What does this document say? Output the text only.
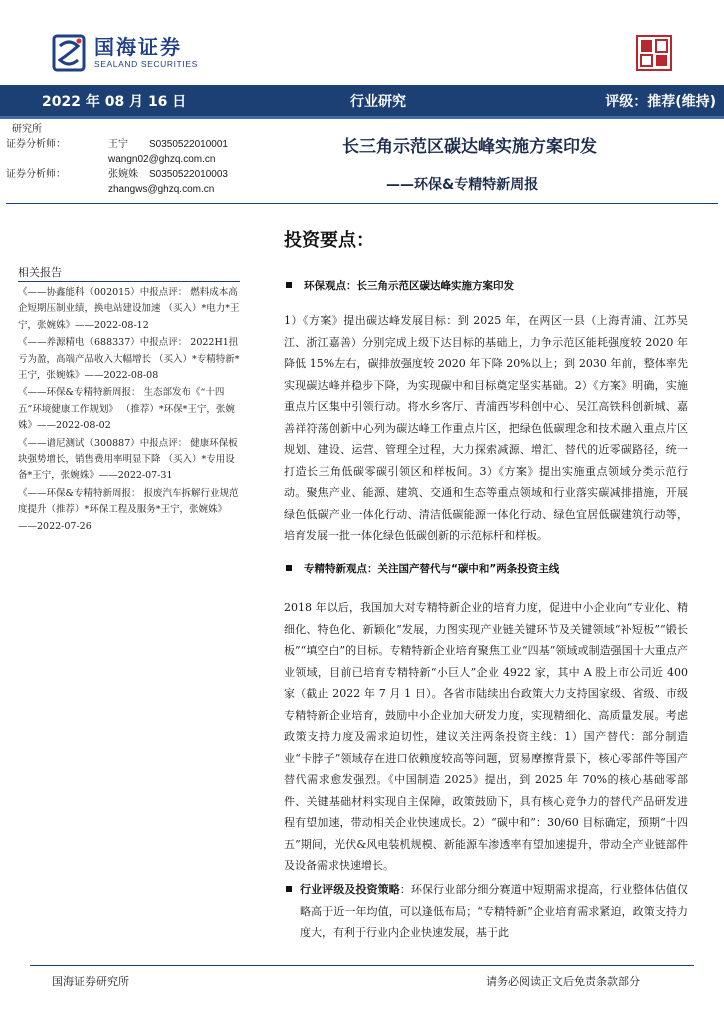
国海证券
SEALAND SECURITIES
2022 年 08 月 16 日	行业研究	评级：推荐(维持)
研究所
证券分析师：	王宁 S0350522010001
wangn02@ghzq.com.cn
证券分析师：	张婉姝 S0350522010003
zhangws@ghzq.com.cn
长三角示范区碳达峰实施方案印发
——环保&专精特新周报
投资要点：
相关报告
《——协鑫能科（002015）中报点评： 燃料成本高企短期压制业绩，换电站建设加速 （买入）*电力*王宁，张婉姝》——2022-08-12
《——养源精电（688337）中报点评： 2022H1扭亏为盈，高端产品收入大幅增长 （买入）*专精特新*王宁，张婉姝》——2022-08-08
《——环保&专精特新周报： 生态部发布《“十四五”环境健康工作规划》 （推荐）*环保*王宁，张婉姝》——2022-08-02
《——谱尼测试（300887）中报点评： 健康环保板块强势增长，销售费用率明显下降 （买入）*专用设备*王宁，张婉姝》——2022-07-31
《——环保&专精特新周报： 报废汽车拆解行业规范度提升（推荐）*环保工程及服务*王宁，张婉姝》——2022-07-26
环保观点：长三角示范区碳达峰实施方案印发
1）《方案》提出碳达峰发展目标：到 2025 年，在两区一县（上海青浦、江苏吴江、浙江嘉善）分别完成上级下达目标的基础上，力争示范区能耗强度较 2020 年降低 15%左右，碳排放强度较 2020 年下降 20%以上；到 2030 年前，整体率先实现碳达峰并稳步下降，为实现碳中和目标奠定坚实基础。2）《方案》明确，实施重点片区集中引领行动。将水乡客厅、青浦西岑科创中心、吴江高铁科创新城、嘉善祥符荡创新中心列为碳达峰工作重点片区，把绿色低碳理念和技术融入重点片区规划、建设、运营、管理全过程，大力探索减源、增汇、替代的近零碳路径，统一打造长三角低碳零碳引领区和样板间。3）《方案》提出实施重点领域分类示范行动。聚焦产业、能源、建筑、交通和生态等重点领域和行业落实碳减排措施，开展绿色低碳产业一体化行动、清洁低碳能源一体化行动、绿色宜居低碳建筑行动等，培育发展一批一体化绿色低碳创新的示范标杆和样板。
专精特新观点：关注国产替代与“碳中和”两条投资主线
2018 年以后，我国加大对专精特新企业的培育力度，促进中小企业向“专业化、精细化、特色化、新颖化”发展，力图实现产业链关键环节及关键领域“补短板”“锻长板”“填空白”的目标。专精特新企业培育聚焦工业“四基”领域或制造强国十大重点产业领域，目前已培育专精特新“小巨人”企业 4922 家，其中 A 股上市公司近 400 家（截止 2022 年 7 月 1 日）。各省市陆续出台政策大力支持国家级、省级、市级专精特新企业培育，鼓励中小企业加大研发力度，实现精细化、高质量发展。考虑政策支持力度及需求迫切性，建议关注两条投资主线：1）国产替代：部分制造业“卡脖子”领域存在进口依赖度较高等问题，贸易摩擦背景下，核心零部件等国产替代需求愈发强烈。《中国制造 2025》提出，到 2025 年 70%的核心基础零部件、关键基础材料实现自主保障，政策鼓励下，具有核心竞争力的替代产品研发进程有望加速，带动相关企业快速成长。2）“碳中和”：30/60 目标确定，预期“十四五”期间，光伏&风电装机规模、新能源车渗透率有望加速提升，带动全产业链部件及设备需求快速增长。
行业评级及投资策略：环保行业部分细分赛道中短期需求提高，行业整体估值仅略高于近一年均值，可以逢低布局；“专精特新”企业培育需求紧迫，政策支持力度大，有利于行业内企业快速发展，基于此
国海证券研究所	请务必阅读正文后免责条款部分
